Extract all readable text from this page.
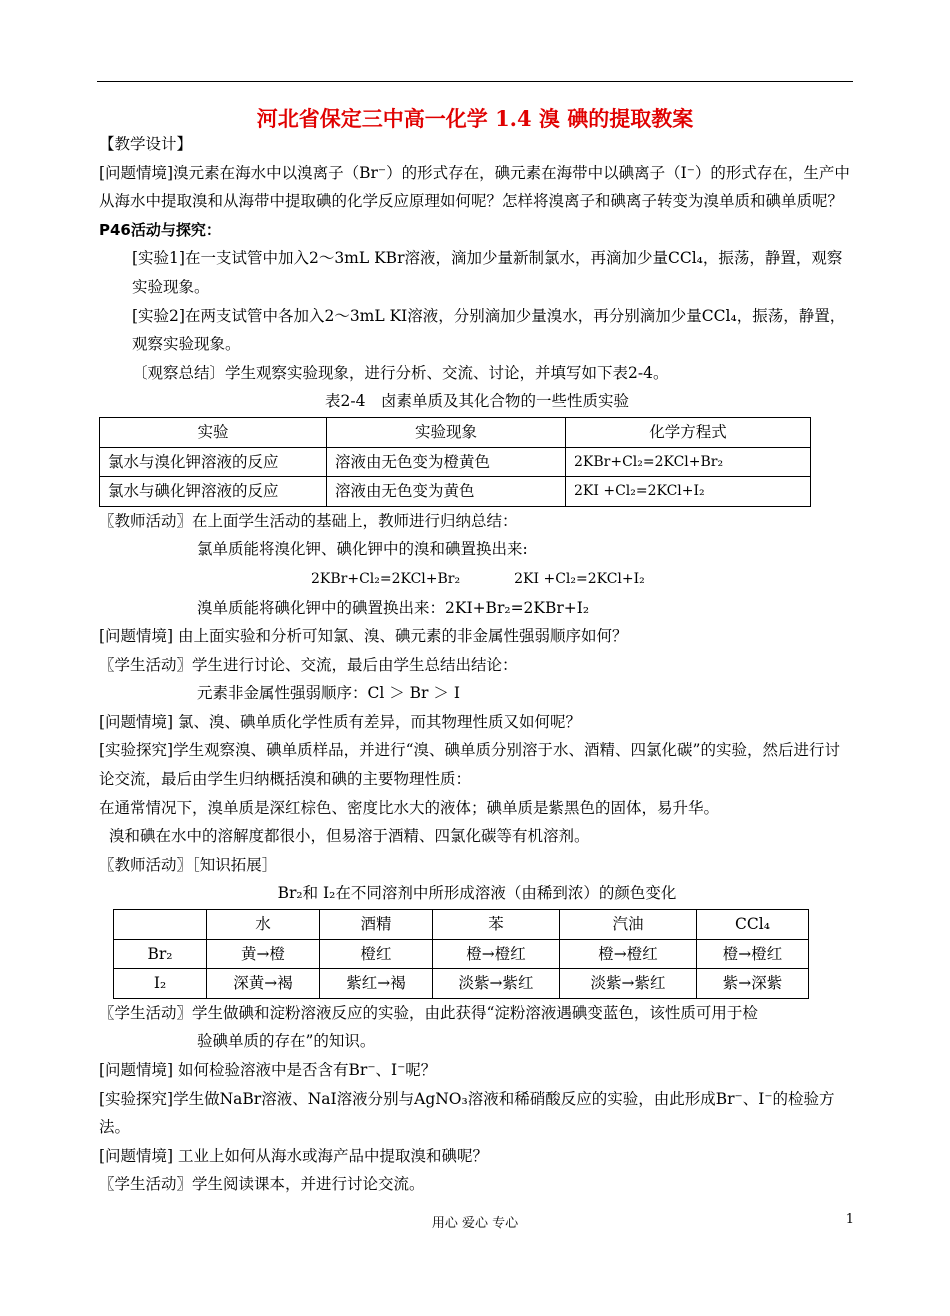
河北省保定三中高一化学 1.4 溴 碘的提取教案

【教学设计】

[问题情境]溴元素在海水中以溴离子（Br⁻）的形式存在，碘元素在海带中以碘离子（I⁻）的形式存在，生产中从海水中提取溴和从海带中提取碘的化学反应原理如何呢？怎样将溴离子和碘离子转变为溴单质和碘单质呢？

P46活动与探究：

[实验1]在一支试管中加入2～3mL KBr溶液，滴加少量新制氯水，再滴加少量CCl₄，振荡，静置，观察实验现象。

[实验2]在两支试管中各加入2～3mL KI溶液，分别滴加少量溴水，再分别滴加少量CCl₄，振荡，静置，观察实验现象。

〔观察总结〕学生观察实验现象，进行分析、交流、讨论，并填写如下表2-4。

表2-4　卤素单质及其化合物的一些性质实验

实验	实验现象	化学方程式
氯水与溴化钾溶液的反应	溶液由无色变为橙黄色	2KBr+Cl₂=2KCl+Br₂
氯水与碘化钾溶液的反应	溶液由无色变为黄色	2KI +Cl₂=2KCl+I₂

〖教师活动〗在上面学生活动的基础上，教师进行归纳总结：

氯单质能将溴化钾、碘化钾中的溴和碘置换出来:

2KBr+Cl₂=2KCl+Br₂	2KI +Cl₂=2KCl+I₂

溴单质能将碘化钾中的碘置换出来：2KI+Br₂=2KBr+I₂

[问题情境] 由上面实验和分析可知氯、溴、碘元素的非金属性强弱顺序如何？

〖学生活动〗学生进行讨论、交流，最后由学生总结出结论：

元素非金属性强弱顺序：Cl ＞ Br ＞ I

[问题情境] 氯、溴、碘单质化学性质有差异，而其物理性质又如何呢？

[实验探究]学生观察溴、碘单质样品，并进行“溴、碘单质分别溶于水、酒精、四氯化碳”的实验，然后进行讨论交流，最后由学生归纳概括溴和碘的主要物理性质：

在通常情况下，溴单质是深红棕色、密度比水大的液体；碘单质是紫黑色的固体，易升华。

溴和碘在水中的溶解度都很小，但易溶于酒精、四氯化碳等有机溶剂。

〖教师活动〗［知识拓展］

Br₂和 I₂在不同溶剂中所形成溶液（由稀到浓）的颜色变化

	水	酒精	苯	汽油	CCl₄
Br₂	黄→橙	橙红	橙→橙红	橙→橙红	橙→橙红
I₂	深黄→褐	紫红→褐	淡紫→紫红	淡紫→紫红	紫→深紫

〖学生活动〗学生做碘和淀粉溶液反应的实验，由此获得“淀粉溶液遇碘变蓝色，该性质可用于检

验碘单质的存在”的知识。

[问题情境] 如何检验溶液中是否含有Br⁻、I⁻呢？

[实验探究]学生做NaBr溶液、NaI溶液分别与AgNO₃溶液和稀硝酸反应的实验，由此形成Br⁻、I⁻的检验方法。

[问题情境] 工业上如何从海水或海产品中提取溴和碘呢？

〖学生活动〗学生阅读课本，并进行讨论交流。

用心 爱心 专心	1
